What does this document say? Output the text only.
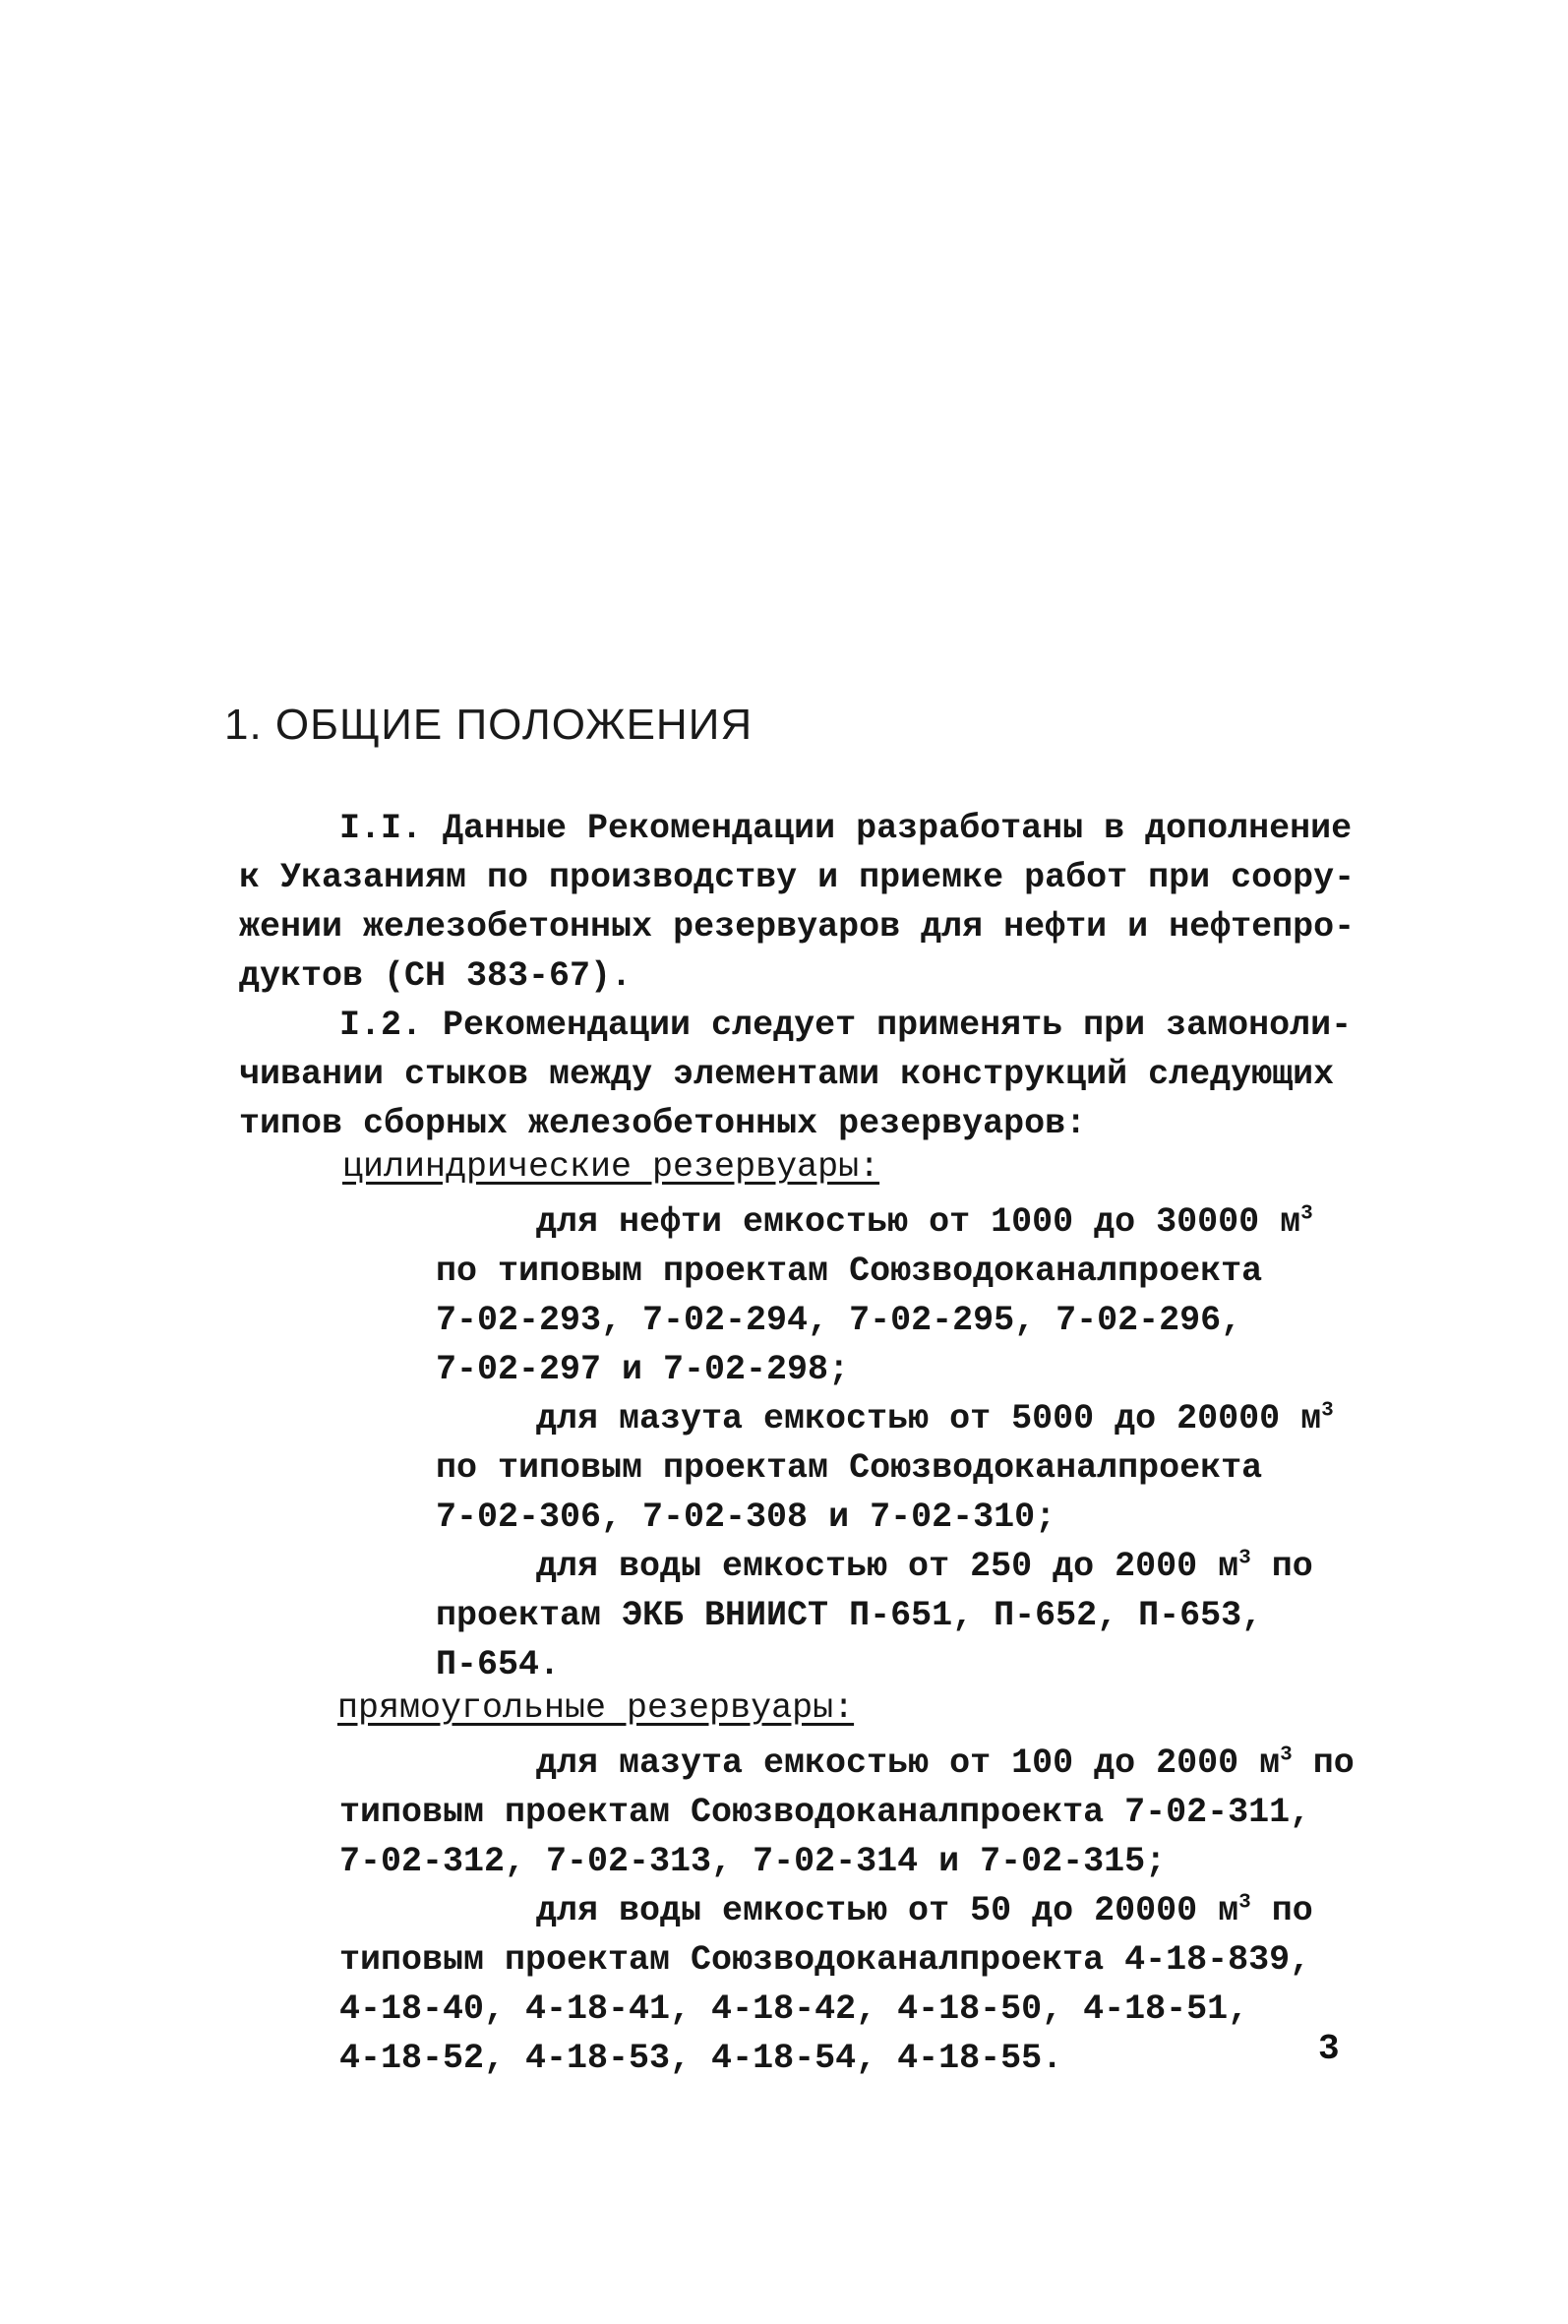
1. ОБЩИЕ ПОЛОЖЕНИЯ
I.I. Данные Рекомендации разработаны в дополнение
к Указаниям по производству и приемке работ при соору-
жении железобетонных резервуаров для нефти и нефтепро-
дуктов (СН 383-67).
I.2. Рекомендации следует применять при замоноли-
чивании стыков между элементами конструкций следующих
типов сборных железобетонных резервуаров:
цилиндрические резервуары:
для нефти емкостью от 1000 до 30000 $м^3$
по типовым проектам Союзводоканалпроекта
7-02-293, 7-02-294, 7-02-295, 7-02-296,
7-02-297 и 7-02-298;
для мазута емкостью от 5000 до 20000 $м^3$
по типовым проектам Союзводоканалпроекта
7-02-306, 7-02-308 и 7-02-310;
для воды емкостью от 250 до 2000 $м^3$ по
проектам ЭКБ ВНИИСТ П-651, П-652, П-653,
П-654.
прямоугольные резервуары:
для мазута емкостью от 100 до 2000 $м^3$ по
типовым проектам Союзводоканалпроекта 7-02-311,
7-02-312, 7-02-313, 7-02-314 и 7-02-315;
для воды емкостью от 50 до 20000 $м^3$ по
типовым проектам Союзводоканалпроекта 4-18-839,
4-18-40, 4-18-41, 4-18-42, 4-18-50, 4-18-51,
4-18-52, 4-18-53, 4-18-54, 4-18-55.	3
